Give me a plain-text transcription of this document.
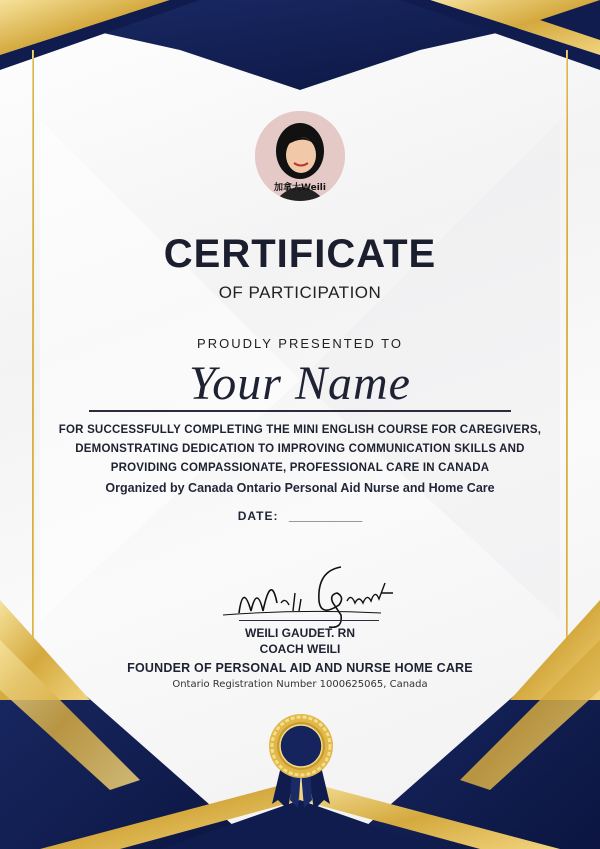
加拿大Weili
CERTIFICATE
OF PARTICIPATION
PROUDLY PRESENTED TO
Your Name
FOR SUCCESSFULLY COMPLETING THE MINI ENGLISH COURSE FOR CAREGIVERS,
DEMONSTRATING DEDICATION TO IMPROVING COMMUNICATION SKILLS AND
PROVIDING COMPASSIONATE, PROFESSIONAL CARE IN CANADA
Organized by Canada Ontario Personal Aid Nurse and Home Care
DATE: ___________
WEILI GAUDET. RN
COACH WEILI
FOUNDER OF PERSONAL AID AND NURSE HOME CARE
Ontario Registration Number 1000625065, Canada
